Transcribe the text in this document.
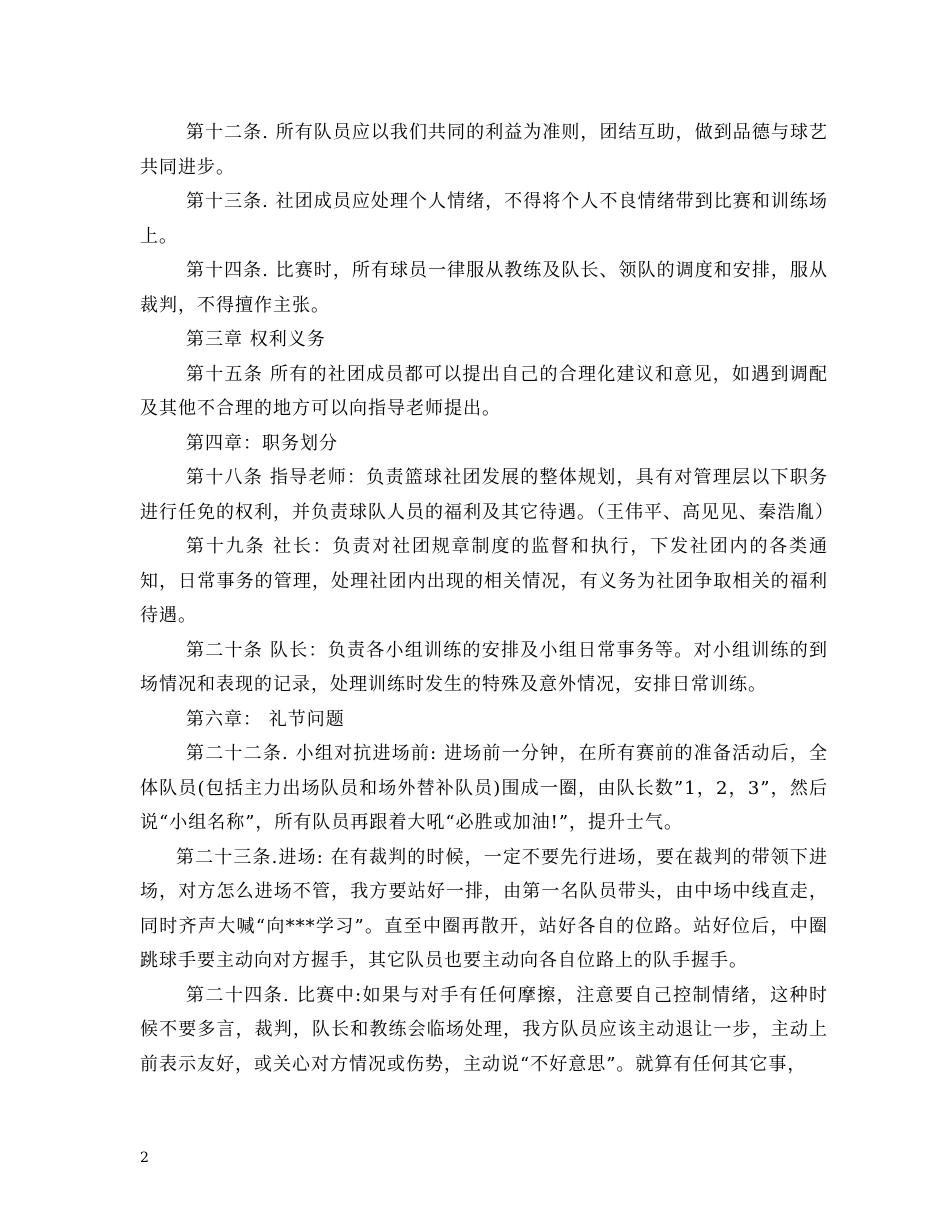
第十二条. 所有队员应以我们共同的利益为准则，团结互助，做到品德与球艺共同进步。

第十三条. 社团成员应处理个人情绪，不得将个人不良情绪带到比赛和训练场上。

第十四条. 比赛时，所有球员一律服从教练及队长、领队的调度和安排，服从裁判，不得擅作主张。

第三章 权利义务

第十五条 所有的社团成员都可以提出自己的合理化建议和意见，如遇到调配及其他不合理的地方可以向指导老师提出。

第四章：职务划分

第十八条 指导老师：负责篮球社团发展的整体规划，具有对管理层以下职务进行任免的权利，并负责球队人员的福利及其它待遇。（王伟平、高见见、秦浩胤）

第十九条 社长：负责对社团规章制度的监督和执行，下发社团内的各类通知，日常事务的管理，处理社团内出现的相关情况，有义务为社团争取相关的福利待遇。

第二十条 队长：负责各小组训练的安排及小组日常事务等。对小组训练的到场情况和表现的记录，处理训练时发生的特殊及意外情况，安排日常训练。

第六章： 礼节问题

第二十二条. 小组对抗进场前: 进场前一分钟，在所有赛前的准备活动后，全体队员(包括主力出场队员和场外替补队员)围成一圈，由队长数”1，2，3”，然后说“小组名称”，所有队员再跟着大吼“必胜或加油!”，提升士气。

第二十三条.进场: 在有裁判的时候，一定不要先行进场，要在裁判的带领下进场，对方怎么进场不管，我方要站好一排，由第一名队员带头，由中场中线直走，同时齐声大喊“向***学习”。直至中圈再散开，站好各自的位路。站好位后，中圈跳球手要主动向对方握手，其它队员也要主动向各自位路上的队手握手。

第二十四条. 比赛中:如果与对手有任何摩擦，注意要自己控制情绪，这种时候不要多言，裁判，队长和教练会临场处理，我方队员应该主动退让一步，主动上前表示友好，或关心对方情况或伤势，主动说“不好意思”。就算有任何其它事，

2
